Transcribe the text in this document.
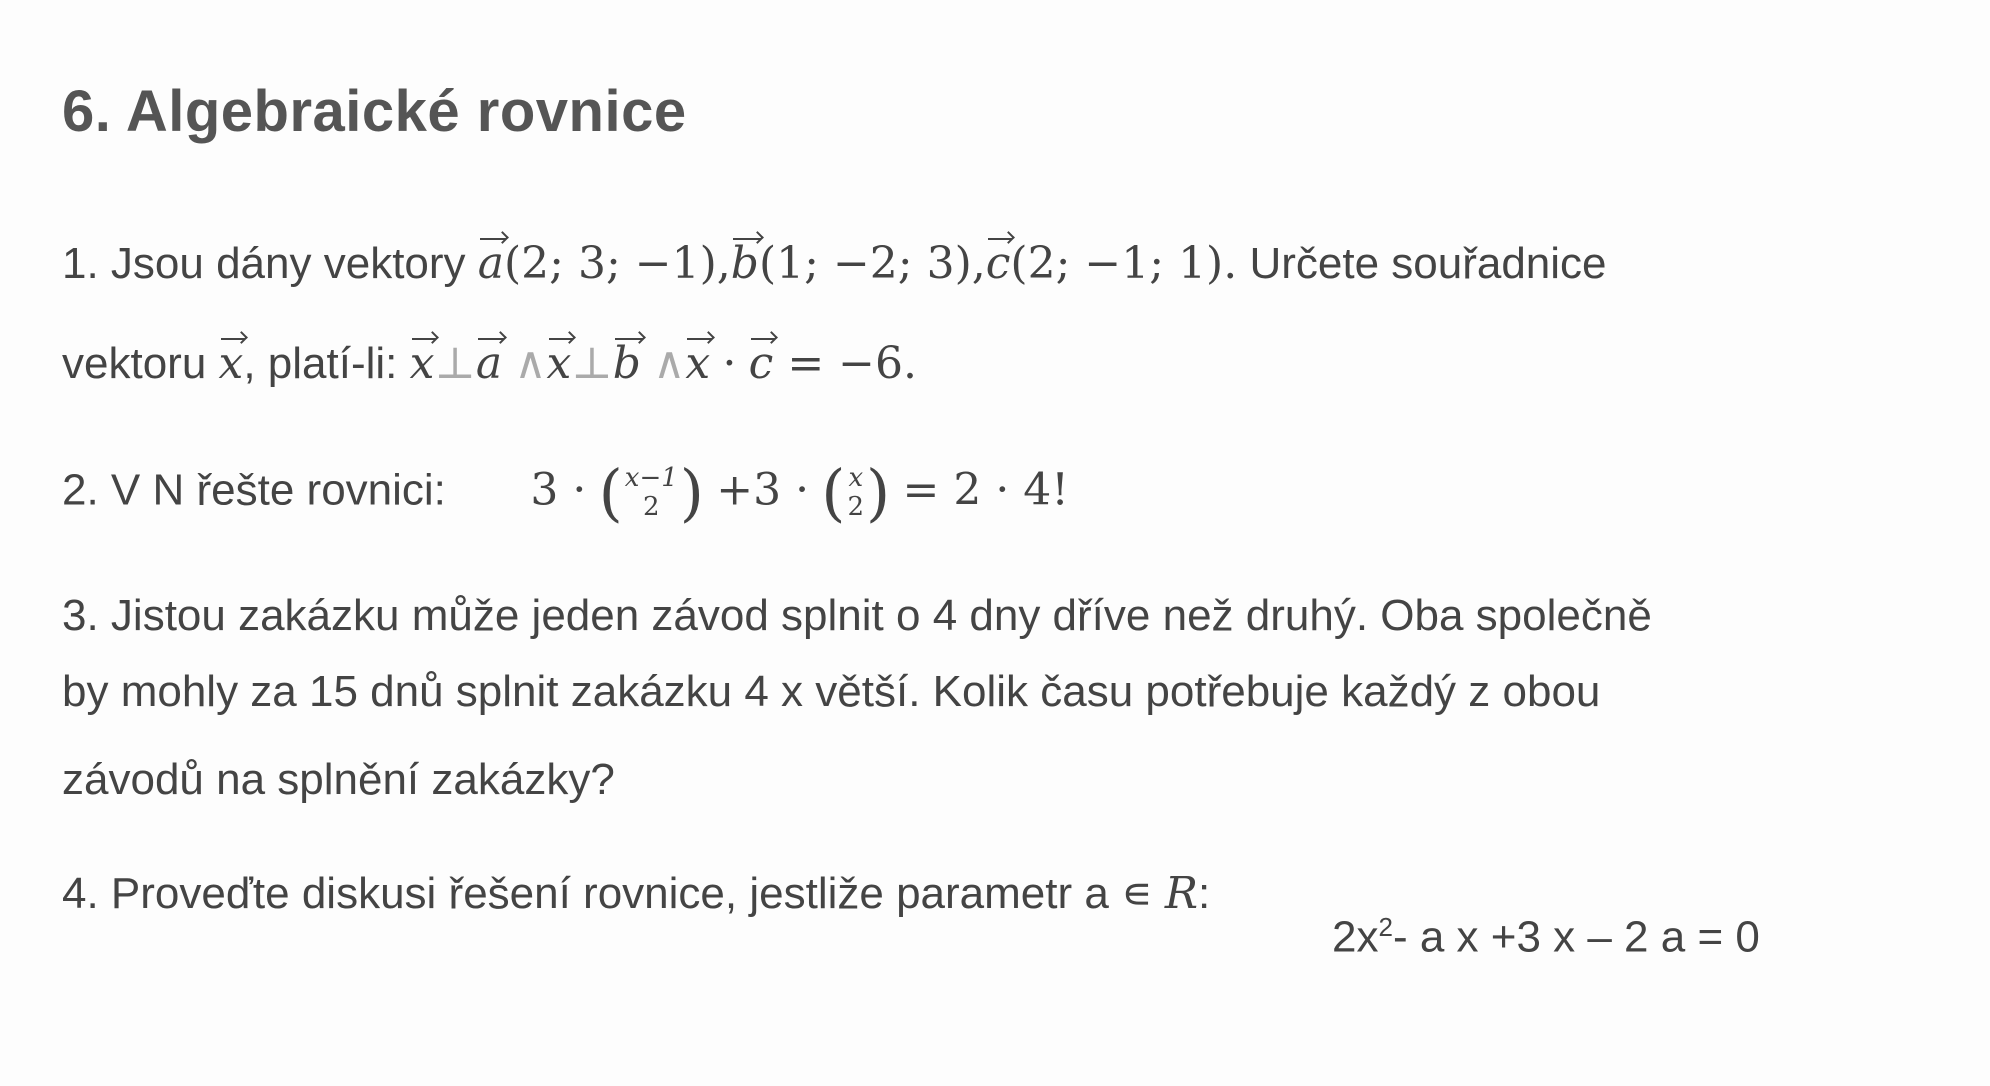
6. Algebraické rovnice
1. Jsou dány vektory a(2; 3; −1),b(1; −2; 3),c(2; −1; 1). Určete souřadnice
vektoru x, platí-li: x⊥a ∧x⊥b ∧x · c = −6.
2. V N řešte rovnici: 3 · ( x−1
2 ) +3 · ( x
2 ) = 2 · 4!
3. Jistou zakázku může jeden závod splnit o 4 dny dříve než druhý. Oba společně
by mohly za 15 dnů splnit zakázku 4 x větší. Kolik času potřebuje každý z obou
závodů na splnění zakázky?
4. Proveďte diskusi řešení rovnice, jestliže parametr a ∊ R:
$2x^2-$ a x +3 x – 2 a = 0
